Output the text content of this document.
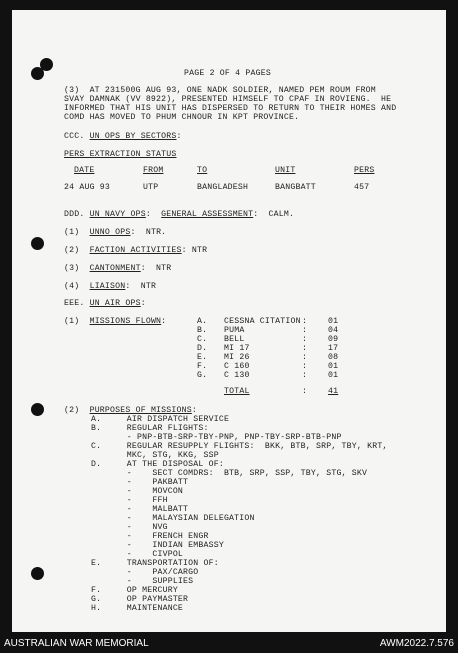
PAGE 2 OF 4 PAGES
(3)  AT 231500G AUG 93, ONE NADK SOLDIER, NAMED PEM ROUM FROM
SVAY DAMNAK (VV 8922), PRESENTED HIMSELF TO CPAF IN ROVIENG.  HE
INFORMED THAT HIS UNIT HAS DISPERSED TO RETURN TO THEIR HOMES AND
COMD HAS MOVED TO PHUM CHNOUR IN KPT PROVINCE.
CCC. UN OPS BY SECTORS:
PERS EXTRACTION STATUS
DATE	FROM	TO	UNIT	PERS
24 AUG 93	UTP	BANGLADESH	BANGBATT	457
DDD. UN NAVY OPS:  GENERAL ASSESSMENT:  CALM.
(1) UNNO OPS:  NTR.
(2) FACTION ACTIVITIES: NTR
(3) CANTONMENT:  NTR
(4) LIAISON:  NTR
EEE. UN AIR OPS:
(1) MISSIONS FLOWN:	A. CESSNA CITATION :	01
B. PUMA	:	04
C. BELL	:	09
D. MI 17	:	17
E. MI 26	:	08
F. C 160	:	01
G. C 130	:	01
TOTAL	:	41
(2) PURPOSES OF MISSIONS:
A.     AIR DISPATCH SERVICE
B.     REGULAR FLIGHTS:
- PNP-BTB-SRP-TBY-PNP, PNP-TBY-SRP-BTB-PNP
C.     REGULAR RESUPPLY FLIGHTS:  BKK, BTB, SRP, TBY, KRT,
MKC, STG, KKG, SSP
D.     AT THE DISPOSAL OF:
-    SECT COMDRS:  BTB, SRP, SSP, TBY, STG, SKV
-    PAKBATT
-    MOVCON
-    FFH
-    MALBATT
-    MALAYSIAN DELEGATION
-    NVG
-    FRENCH ENGR
-    INDIAN EMBASSY
-    CIVPOL
E.     TRANSPORTATION OF:
-    PAX/CARGO
-    SUPPLIES
F.     OP MERCURY
G.     OP PAYMASTER
H.     MAINTENANCE
AUSTRALIAN WAR MEMORIAL	AWM2022.7.576
